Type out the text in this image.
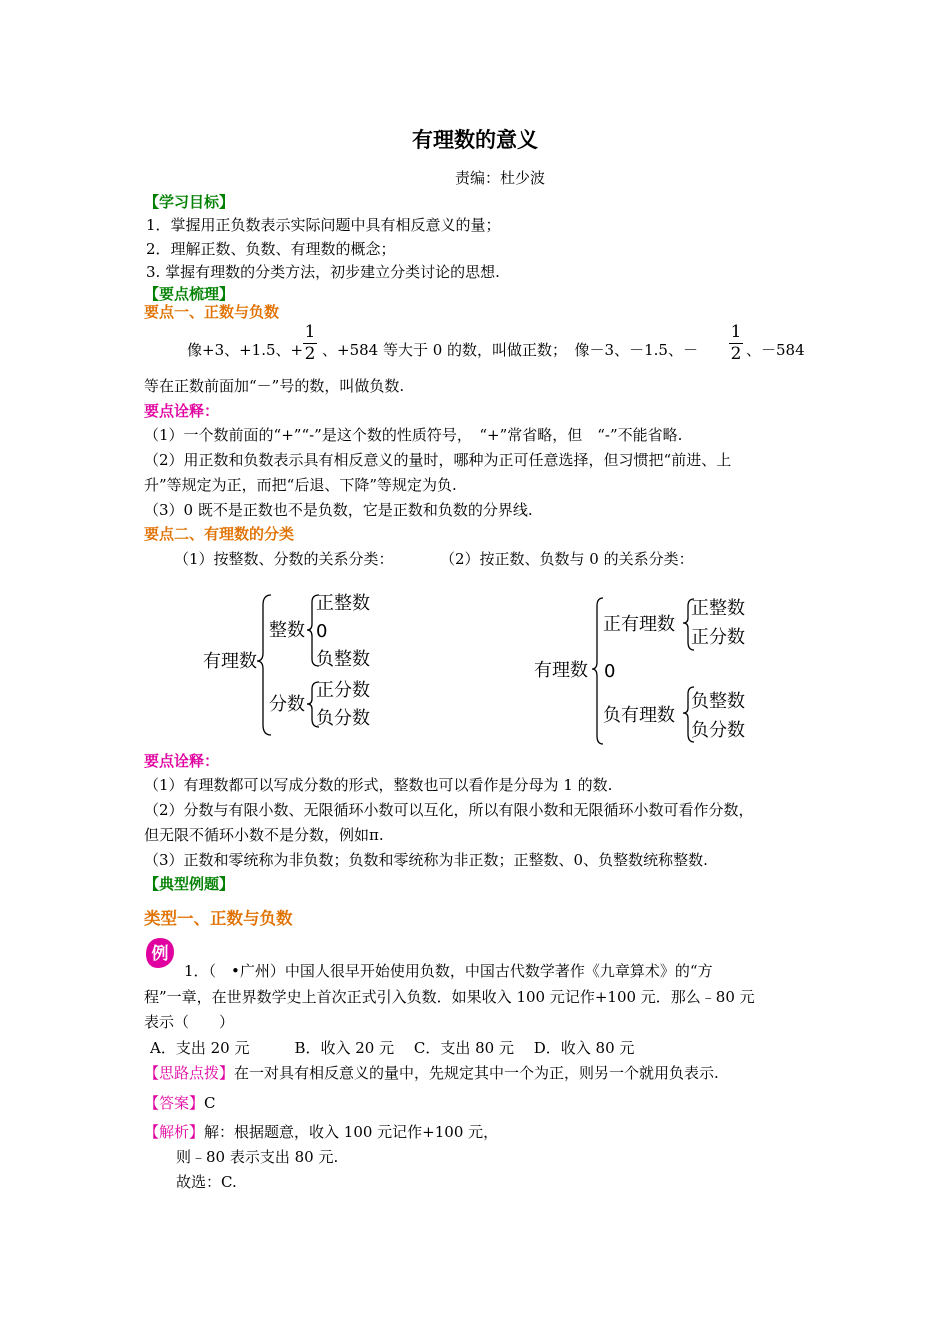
有理数的意义
责编：杜少波
【学习目标】
1．掌握用正负数表示实际问题中具有相反意义的量；
2．理解正数、负数、有理数的概念；
3. 掌握有理数的分类方法，初步建立分类讨论的思想.
【要点梳理】
要点一、正数与负数
像+3、+1.5、+
1
2 、+584 等大于 0 的数，叫做正数；　像－3、－1.5、－
1
2 、－584
等在正数前面加“－”号的数，叫做负数.
要点诠释：
（1）一个数前面的“+”“-”是这个数的性质符号，　“+”常省略，但　“-”不能省略.
（2）用正数和负数表示具有相反意义的量时，哪种为正可任意选择，但习惯把“前进、上
升”等规定为正，而把“后退、下降”等规定为负.
（3）0 既不是正数也不是负数，它是正数和负数的分界线.
要点二、有理数的分类
（1）按整数、分数的关系分类：	（2）按正数、负数与 0 的关系分类：
有理数
整数
正整数
0
负整数
分数
正分数
负分数
有理数
正有理数
正整数
正分数
0
负有理数
负整数
负分数
要点诠释：
（1）有理数都可以写成分数的形式，整数也可以看作是分母为 1 的数.
（2）分数与有限小数、无限循环小数可以互化，所以有限小数和无限循环小数可看作分数，
但无限不循环小数不是分数，例如π.
（3）正数和零统称为非负数；负数和零统称为非正数；正整数、0、负整数统称整数.
【典型例题】
类型一、正数与负数
例
1．（　•广州）中国人很早开始使用负数，中国古代数学著作《九章算术》的“方
程”一章，在世界数学史上首次正式引入负数．如果收入 100 元记作+100 元．那么﹣80 元
表示（　　）
A．支出 20 元　　　B．收入 20 元　 C．支出 80 元　 D．收入 80 元
【思路点拨】在一对具有相反意义的量中，先规定其中一个为正，则另一个就用负表示.
【答案】C
【解析】解：根据题意，收入 100 元记作+100 元，
则﹣80 表示支出 80 元.
故选：C.
